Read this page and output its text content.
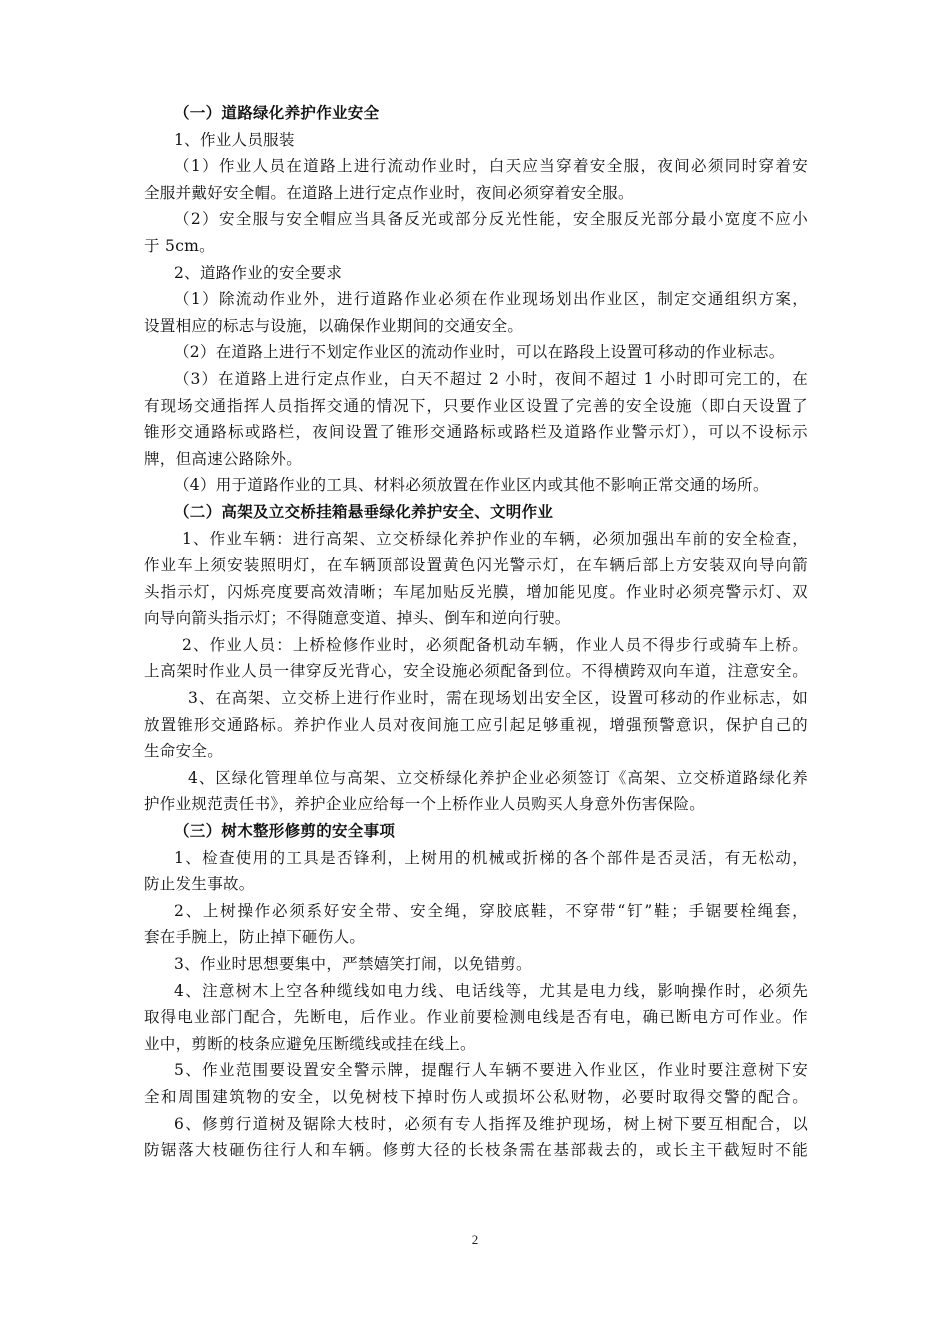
（一）道路绿化养护作业安全
1、作业人员服装
（1）作业人员在道路上进行流动作业时，白天应当穿着安全服，夜间必须同时穿着安
全服并戴好安全帽。在道路上进行定点作业时，夜间必须穿着安全服。
（2）安全服与安全帽应当具备反光或部分反光性能，安全服反光部分最小宽度不应小
于 5cm。
2、道路作业的安全要求
（1）除流动作业外，进行道路作业必须在作业现场划出作业区，制定交通组织方案，
设置相应的标志与设施，以确保作业期间的交通安全。
（2）在道路上进行不划定作业区的流动作业时，可以在路段上设置可移动的作业标志。
（3）在道路上进行定点作业，白天不超过 2 小时，夜间不超过 1 小时即可完工的，在
有现场交通指挥人员指挥交通的情况下，只要作业区设置了完善的安全设施（即白天设置了
锥形交通路标或路栏，夜间设置了锥形交通路标或路栏及道路作业警示灯），可以不设标示
牌，但高速公路除外。
（4）用于道路作业的工具、材料必须放置在作业区内或其他不影响正常交通的场所。
（二）高架及立交桥挂箱悬垂绿化养护安全、文明作业
1、作业车辆：进行高架、立交桥绿化养护作业的车辆，必须加强出车前的安全检查，
作业车上须安装照明灯，在车辆顶部设置黄色闪光警示灯，在车辆后部上方安装双向导向箭
头指示灯，闪烁亮度要高效清晰；车尾加贴反光膜，增加能见度。作业时必须亮警示灯、双
向导向箭头指示灯；不得随意变道、掉头、倒车和逆向行驶。
2、作业人员：上桥检修作业时，必须配备机动车辆，作业人员不得步行或骑车上桥。
上高架时作业人员一律穿反光背心，安全设施必须配备到位。不得横跨双向车道，注意安全。
3、在高架、立交桥上进行作业时，需在现场划出安全区，设置可移动的作业标志，如
放置锥形交通路标。养护作业人员对夜间施工应引起足够重视，增强预警意识，保护自己的
生命安全。
4、区绿化管理单位与高架、立交桥绿化养护企业必须签订《高架、立交桥道路绿化养
护作业规范责任书》，养护企业应给每一个上桥作业人员购买人身意外伤害保险。
（三）树木整形修剪的安全事项
1、检查使用的工具是否锋利，上树用的机械或折梯的各个部件是否灵活，有无松动，
防止发生事故。
2、上树操作必须系好安全带、安全绳，穿胶底鞋，不穿带“钉”鞋；手锯要栓绳套，
套在手腕上，防止掉下砸伤人。
3、作业时思想要集中，严禁嬉笑打闹，以免错剪。
4、注意树木上空各种缆线如电力线、电话线等，尤其是电力线，影响操作时，必须先
取得电业部门配合，先断电，后作业。作业前要检测电线是否有电，确已断电方可作业。作
业中，剪断的枝条应避免压断缆线或挂在线上。
5、作业范围要设置安全警示牌，提醒行人车辆不要进入作业区，作业时要注意树下安
全和周围建筑物的安全，以免树枝下掉时伤人或损坏公私财物，必要时取得交警的配合。
6、修剪行道树及锯除大枝时，必须有专人指挥及维护现场，树上树下要互相配合，以
防锯落大枝砸伤往行人和车辆。修剪大径的长枝条需在基部裁去的，或长主干截短时不能
2
